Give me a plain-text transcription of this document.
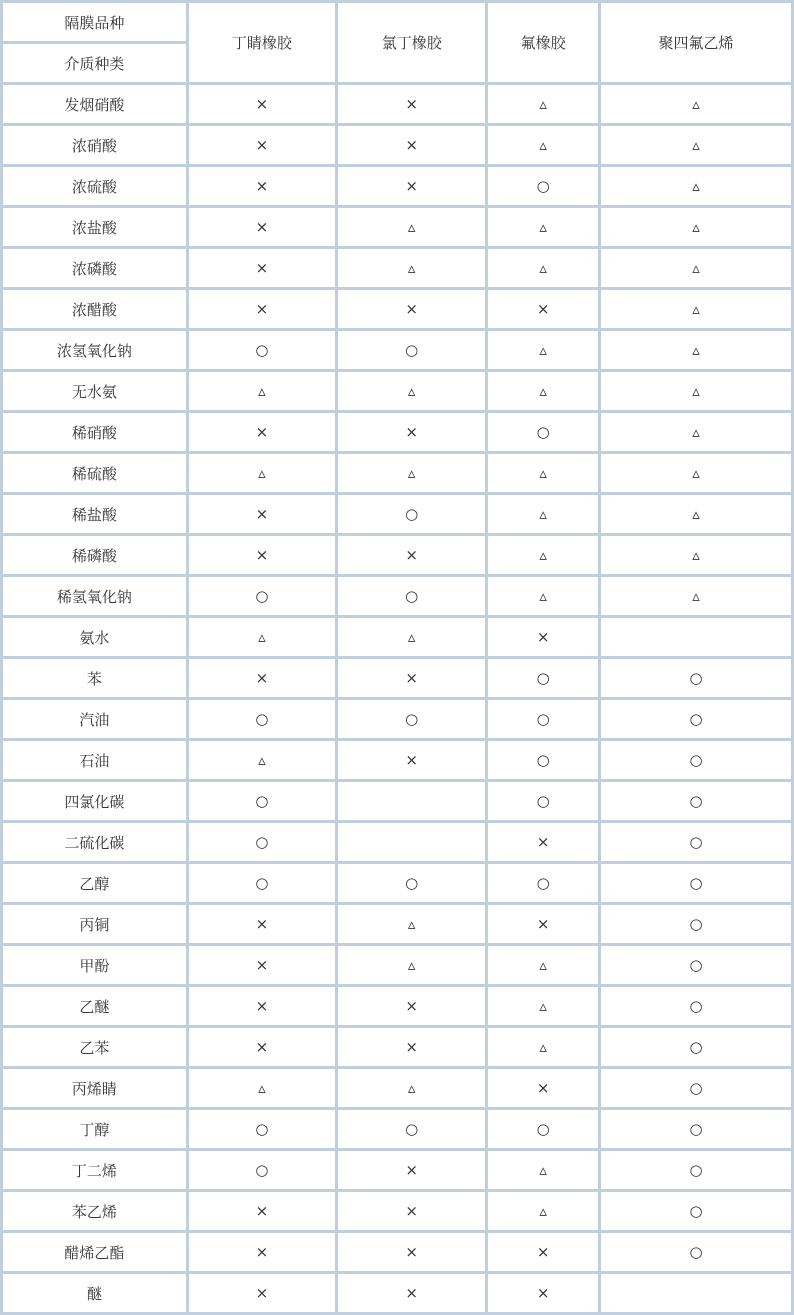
隔膜品种	丁睛橡胶	氯丁橡胶	氟橡胶	聚四氟乙烯
介质种类				
发烟硝酸	×	×	▵	▵
浓硝酸	×	×	▵	▵
浓硫酸	×	×	○	▵
浓盐酸	×	▵	▵	▵
浓磷酸	×	▵	▵	▵
浓醋酸	×	×	×	▵
浓氢氧化钠	○	○	▵	▵
无水氨	▵	▵	▵	▵
稀硝酸	×	×	○	▵
稀硫酸	▵	▵	▵	▵
稀盐酸	×	○	▵	▵
稀磷酸	×	×	▵	▵
稀氢氧化钠	○	○	▵	▵
氨水	▵	▵	×	
苯	×	×	○	○
汽油	○	○	○	○
石油	▵	×	○	○
四氯化碳	○		○	○
二硫化碳	○		×	○
乙醇	○	○	○	○
丙铜	×	▵	×	○
甲酚	×	▵	▵	○
乙醚	×	×	▵	○
乙苯	×	×	▵	○
丙烯睛	▵	▵	×	○
丁醇	○	○	○	○
丁二烯	○	×	▵	○
苯乙烯	×	×	▵	○
醋烯乙酯	×	×	×	○
醚	×	×	×	
